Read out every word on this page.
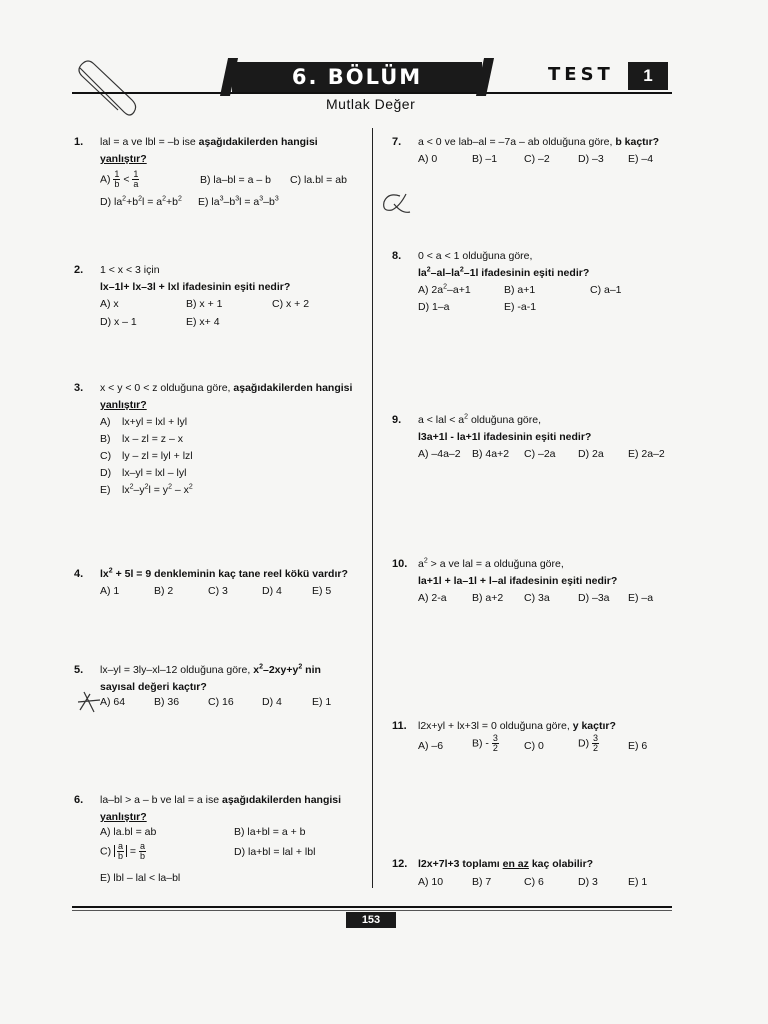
6. BÖLÜM	TEST	1
Mutlak Değer
1. lal = a ve lbl = –b ise aşağıdakilerden hangisi
yanlıştır?
$A) \frac{1}{b} < \frac{1}{a}$	B) la–bl = a – b C) la.bl = ab
D) $la^2+b^2l = a^2+b^2$ E) $la^3-b^3l = a^3-b^3$
2. 1 < x < 3 için
lx–1l+ lx–3l + lxl ifadesinin eşiti nedir?
A) x	B) x + 1	C) x + 2
D) x – 1	E) x+ 4
3. x < y < 0 < z olduğuna göre, aşağıdakilerden hangisi
yanlıştır?
A) lx+yl = lxl + lyl
B) lx – zl = z – x
C) ly – zl = lyl + lzl
D) lx–yl = lxl – lyl
E) $lx^2-y^2l = y^2 - x^2$
4. $lx^2 + 5l = 9$ denkleminin kaç tane reel kökü vardır?
A) 1	B) 2	C) 3	D) 4	E) 5
5. lx–yl = 3ly–xl–12 olduğuna göre, $x^2-2xy+y^2$ nin
sayısal değeri kaçtır?
A) 64	B) 36	C) 16	D) 4	E) 1
6. la–bl > a – b ve lal = a ise aşağıdakilerden hangisi
yanlıştır?
A) la.bl = ab	B) la+bl = a + b
$C) \frac{a}{b} = \frac{a}{b}$	D) la+bl = lal + lbl
E) lbl – lal < la–bl
7. a < 0 ve lab–al = –7a – ab olduğuna göre, b kaçtır?
A) 0	B) –1	C) –2	D) –3 E) –4
8. 0 < a < 1 olduğuna göre,
$la^2-al-la^2-1l$ ifadesinin eşiti nedir?
A) $2a^2-a+1$	B) a+1	C) a–1
D) 1–a	E) -a-1
9. a < lal < $a^2$ olduğuna göre,
l3a+1l - la+1l ifadesinin eşiti nedir?
A) –4a–2 B) 4a+2 C) –2a D) 2a E) 2a–2
10. $a^2 > a$ ve lal = a olduğuna göre,
la+1l + la–1l + l–al ifadesinin eşiti nedir?
A) 2-a B) a+2 C) 3a	D) –3a E) –a
11. l2x+yl + lx+3l = 0 olduğuna göre, y kaçtır?
A) –6	$B) - \frac{3}{2} C$) 0	$D) \frac{3}{2}$	E) 6
12. l2x+7l+3 toplamı en az kaç olabilir?
A) 10	B) 7	C) 6	D) 3	E) 1
153
